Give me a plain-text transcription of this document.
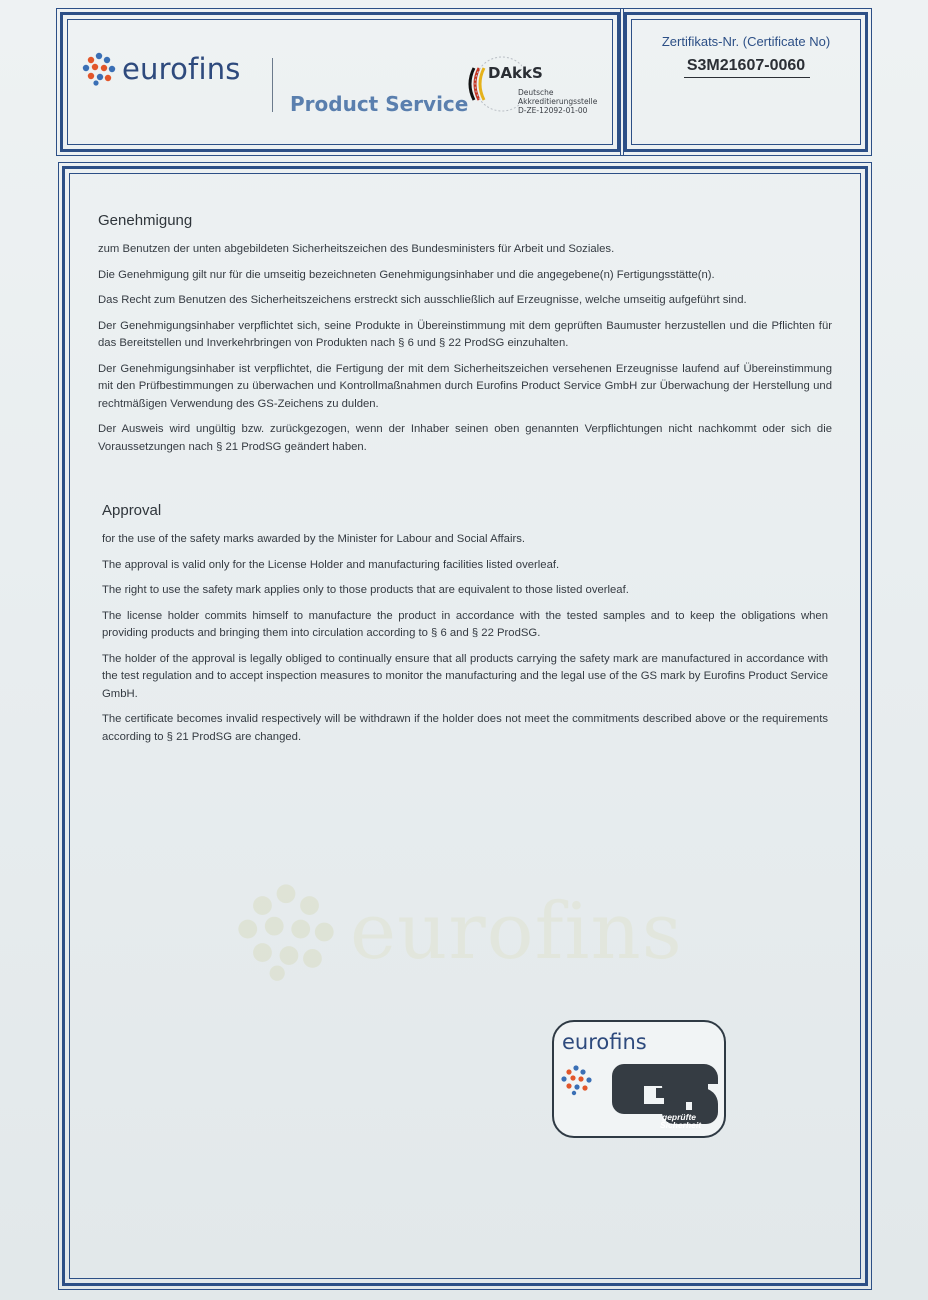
eurofins
Product Service
DAkkS
Deutsche
Akkreditierungsstelle
D-ZE-12092-01-00
Zertifikats-Nr. (Certificate No)
S3M21607-0060
Genehmigung

zum Benutzen der unten abgebildeten Sicherheitszeichen des Bundesministers für Arbeit und Soziales.

Die Genehmigung gilt nur für die umseitig bezeichneten Genehmigungsinhaber und die angegebene(n) Fertigungsstätte(n).

Das Recht zum Benutzen des Sicherheitszeichens erstreckt sich ausschließlich auf Erzeugnisse, welche umseitig aufgeführt sind.

Der Genehmigungsinhaber verpflichtet sich, seine Produkte in Übereinstimmung mit dem geprüften Baumuster herzustellen und die Pflichten für das Bereitstellen und Inverkehrbringen von Produkten nach § 6 und § 22 ProdSG einzuhalten.

Der Genehmigungsinhaber ist verpflichtet, die Fertigung der mit dem Sicherheitszeichen versehenen Erzeugnisse laufend auf Übereinstimmung mit den Prüfbestimmungen zu überwachen und Kontrollmaßnahmen durch Eurofins Product Service GmbH zur Überwachung der Herstellung und rechtmäßigen Verwendung des GS-Zeichens zu dulden.

Der Ausweis wird ungültig bzw. zurückgezogen, wenn der Inhaber seinen oben genannten Verpflichtungen nicht nachkommt oder sich die Voraussetzungen nach § 21 ProdSG geändert haben.

Approval

for the use of the safety marks awarded by the Minister for Labour and Social Affairs.

The approval is valid only for the License Holder and manufacturing facilities listed overleaf.

The right to use the safety mark applies only to those products that are equivalent to those listed overleaf.

The license holder commits himself to manufacture the product in accordance with the tested samples and to keep the obligations when providing products and bringing them into circulation according to § 6 and § 22 ProdSG.

The holder of the approval is legally obliged to continually ensure that all products carrying the safety mark are manufactured in accordance with the test regulation and to accept inspection measures to monitor the manufacturing and the legal use of the GS mark by Eurofins Product Service GmbH.

The certificate becomes invalid respectively will be withdrawn if the holder does not meet the commitments described above or the requirements according to § 21 ProdSG are changed.

eurofins
eurofins
geprüfte
Sicherheit
